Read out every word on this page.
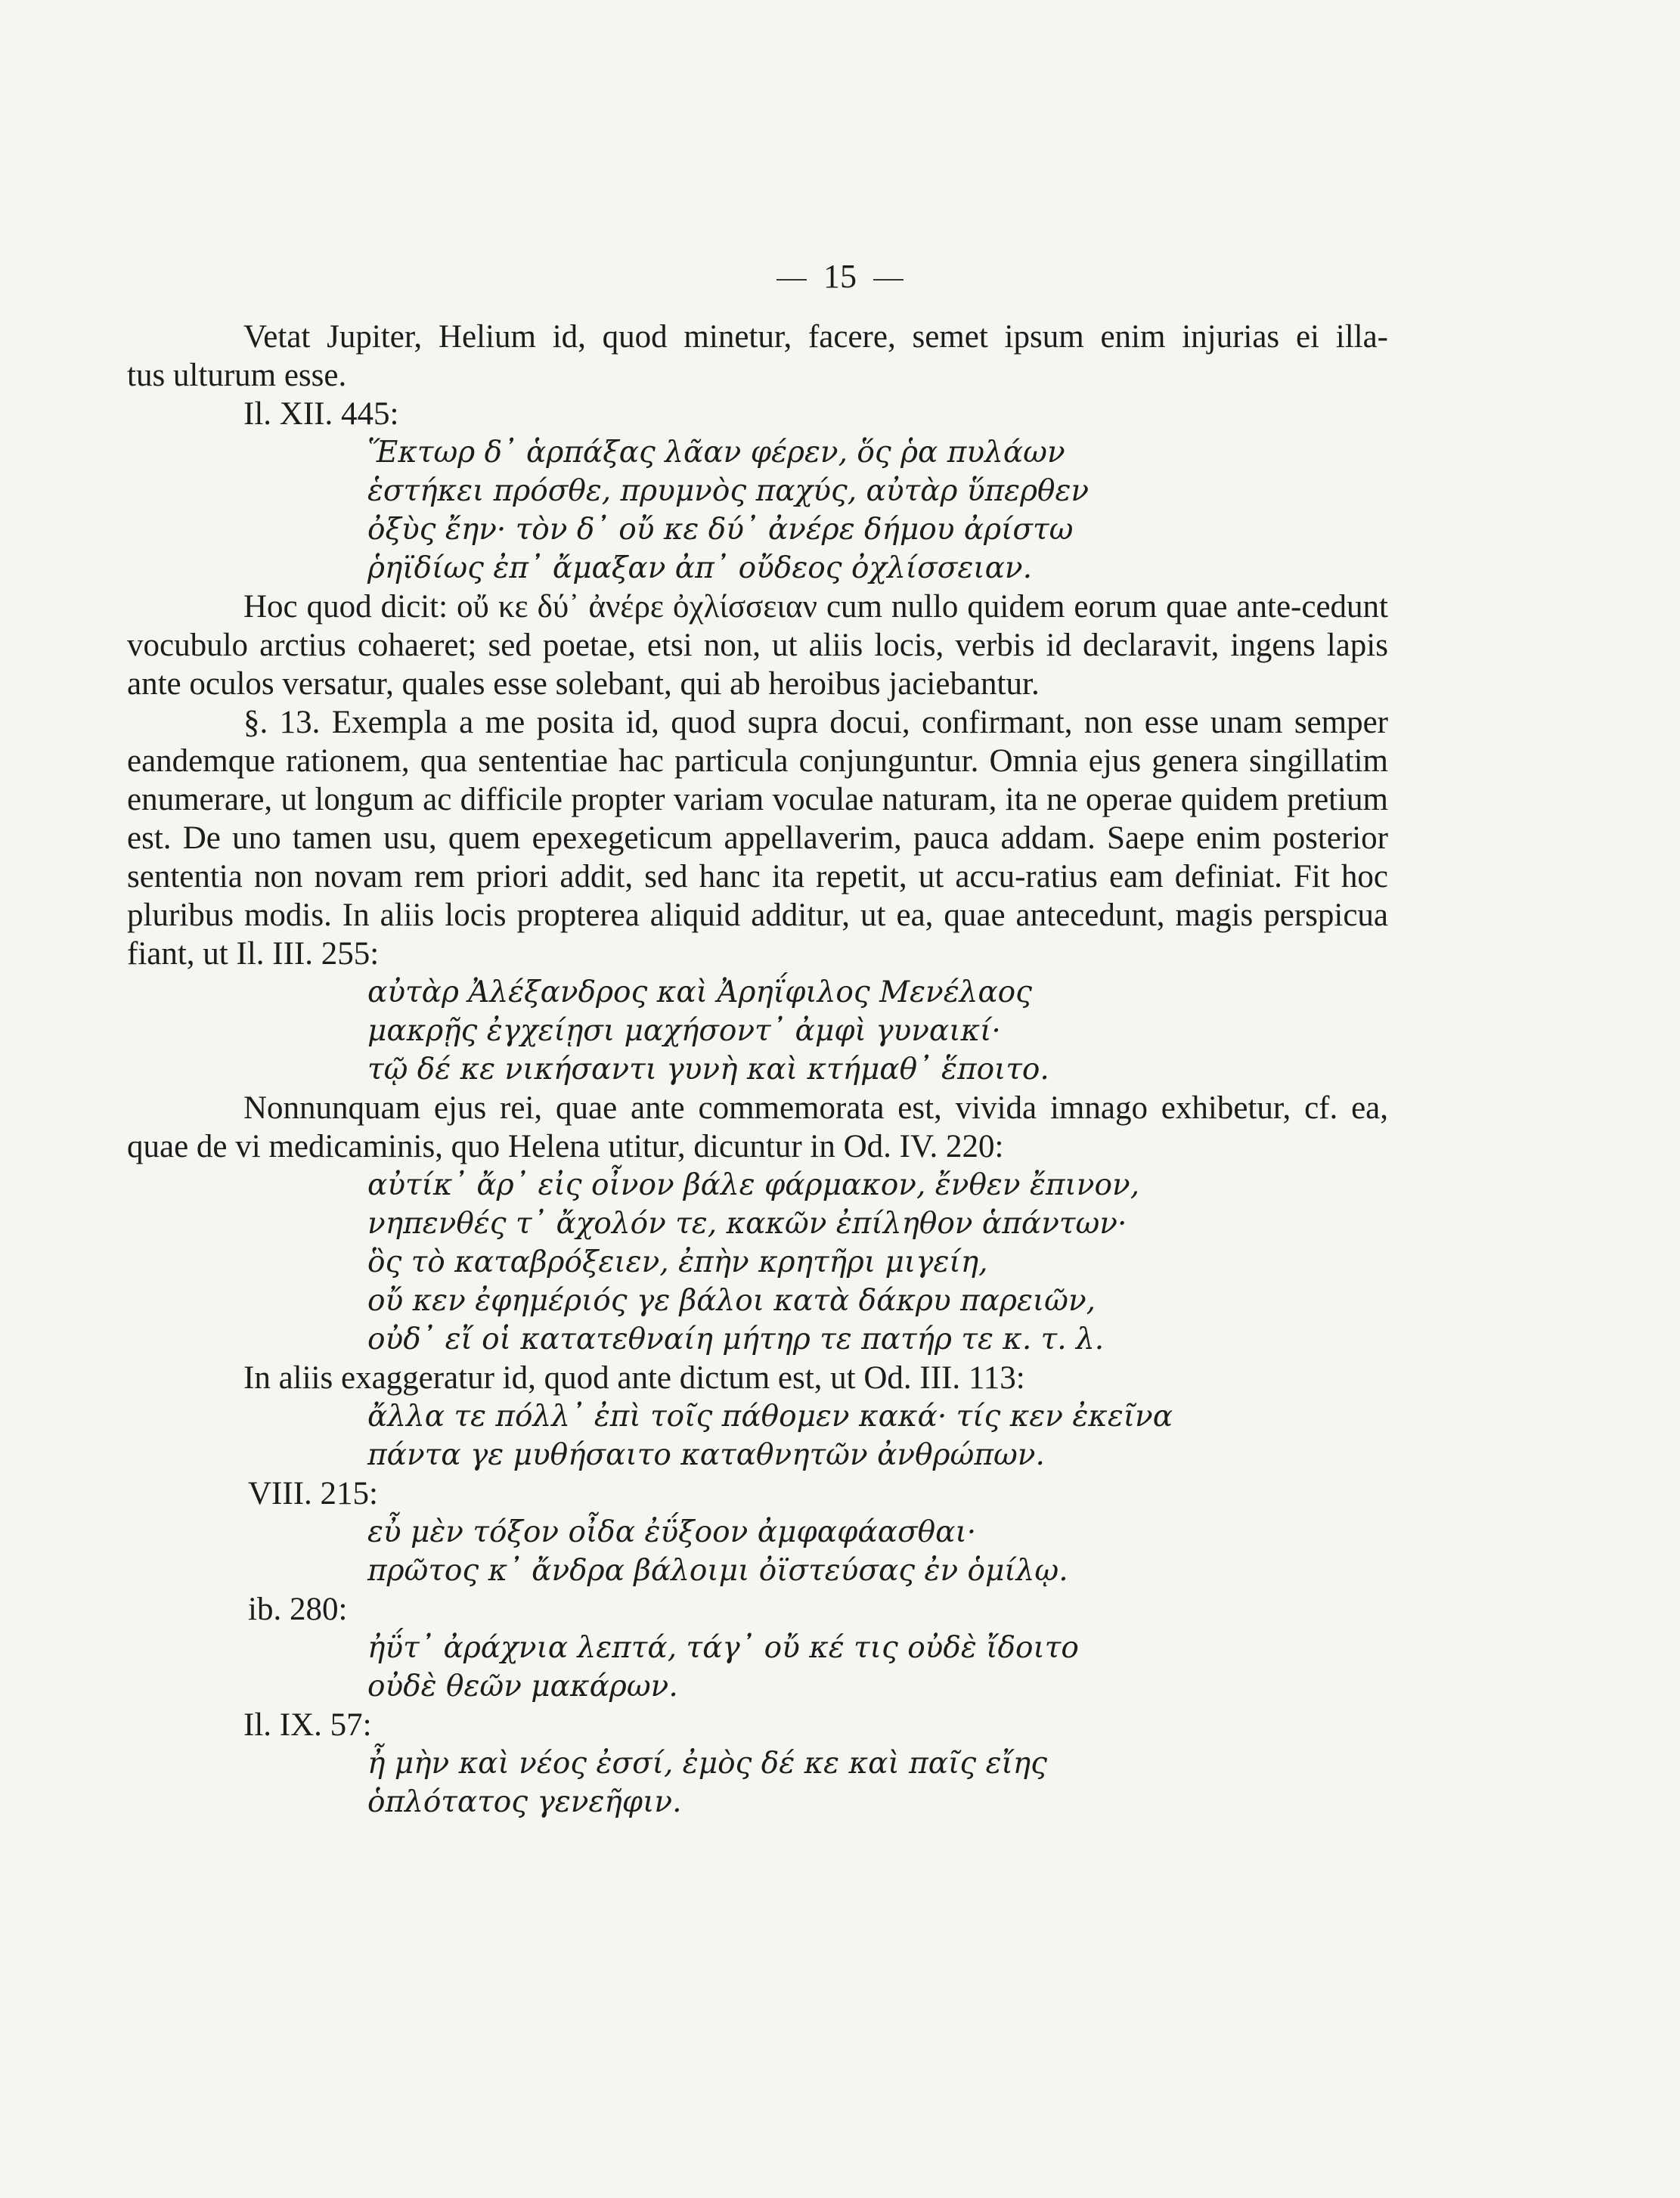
15

Vetat Jupiter, Helium id, quod minetur, facere, semet ipsum enim injurias ei illa-

tus ulturum esse.

Il. XII. 445:

Ἕκτωρ δ᾽ ἁρπάξας λᾶαν φέρεν, ὅς ῥα πυλάων

ἑστήκει πρόσθε, πρυμνὸς παχύς, αὐτὰρ ὕπερθεν

ὀξὺς ἔην· τὸν δ᾽ οὔ κε δύ᾽ ἀνέρε δήμου ἀρίστω

ῥηϊδίως ἐπ᾽ ἄμαξαν ἀπ᾽ οὔδεος ὀχλίσσειαν.

Hoc quod dicit: οὔ κε δύ᾽ ἀνέρε ὀχλίσσειαν cum nullo quidem eorum quae ante-cedunt vocubulo arctius cohaeret; sed poetae, etsi non, ut aliis locis, verbis id declaravit, ingens lapis ante oculos versatur, quales esse solebant, qui ab heroibus jaciebantur.

§. 13. Exempla a me posita id, quod supra docui, confirmant, non esse unam semper eandemque rationem, qua sententiae hac particula conjunguntur. Omnia ejus genera singillatim enumerare, ut longum ac difficile propter variam voculae naturam, ita ne operae quidem pretium est. De uno tamen usu, quem epexegeticum appellaverim, pauca addam. Saepe enim posterior sententia non novam rem priori addit, sed hanc ita repetit, ut accu-ratius eam definiat. Fit hoc pluribus modis. In aliis locis propterea aliquid additur, ut ea, quae antecedunt, magis perspicua fiant, ut Il. III. 255:

αὐτὰρ Ἀλέξανδρος καὶ Ἀρηΐφιλος Μενέλαος

μακρῇς ἐγχείῃσι μαχήσοντ᾽ ἀμφὶ γυναικί·

τῷ δέ κε νικήσαντι γυνὴ καὶ κτήμαθ᾽ ἕποιτο.

Nonnunquam ejus rei, quae ante commemorata est, vivida imnago exhibetur, cf. ea, quae de vi medicaminis, quo Helena utitur, dicuntur in Od. IV. 220:

αὐτίκ᾽ ἄρ᾽ εἰς οἶνον βάλε φάρμακον, ἔνθεν ἔπινον,

νηπενθές τ᾽ ἄχολόν τε, κακῶν ἐπίληθον ἁπάντων·

ὃς τὸ καταβρόξειεν, ἐπὴν κρητῆρι μιγείη,

οὔ κεν ἐφημέριός γε βάλοι κατὰ δάκρυ παρειῶν,

οὐδ᾽ εἴ οἱ κατατεθναίη μήτηρ τε πατήρ τε κ. τ. λ.

In aliis exaggeratur id, quod ante dictum est, ut Od. III. 113:

ἄλλα τε πόλλ᾽ ἐπὶ τοῖς πάθομεν κακά· τίς κεν ἐκεῖνα

πάντα γε μυθήσαιτο καταθνητῶν ἀνθρώπων.

VIII. 215:

εὖ μὲν τόξον οἶδα ἐΰξοον ἀμφαφάασθαι·

πρῶτος κ᾽ ἄνδρα βάλοιμι ὀϊστεύσας ἐν ὁμίλῳ.

ib. 280:

ἠΰτ᾽ ἀράχνια λεπτά, τάγ᾽ οὔ κέ τις οὐδὲ ἴδοιτο

οὐδὲ θεῶν μακάρων.

Il. IX. 57:

ἦ μὴν καὶ νέος ἐσσί, ἐμὸς δέ κε καὶ παῖς εἴης

ὁπλότατος γενεῆφιν.
